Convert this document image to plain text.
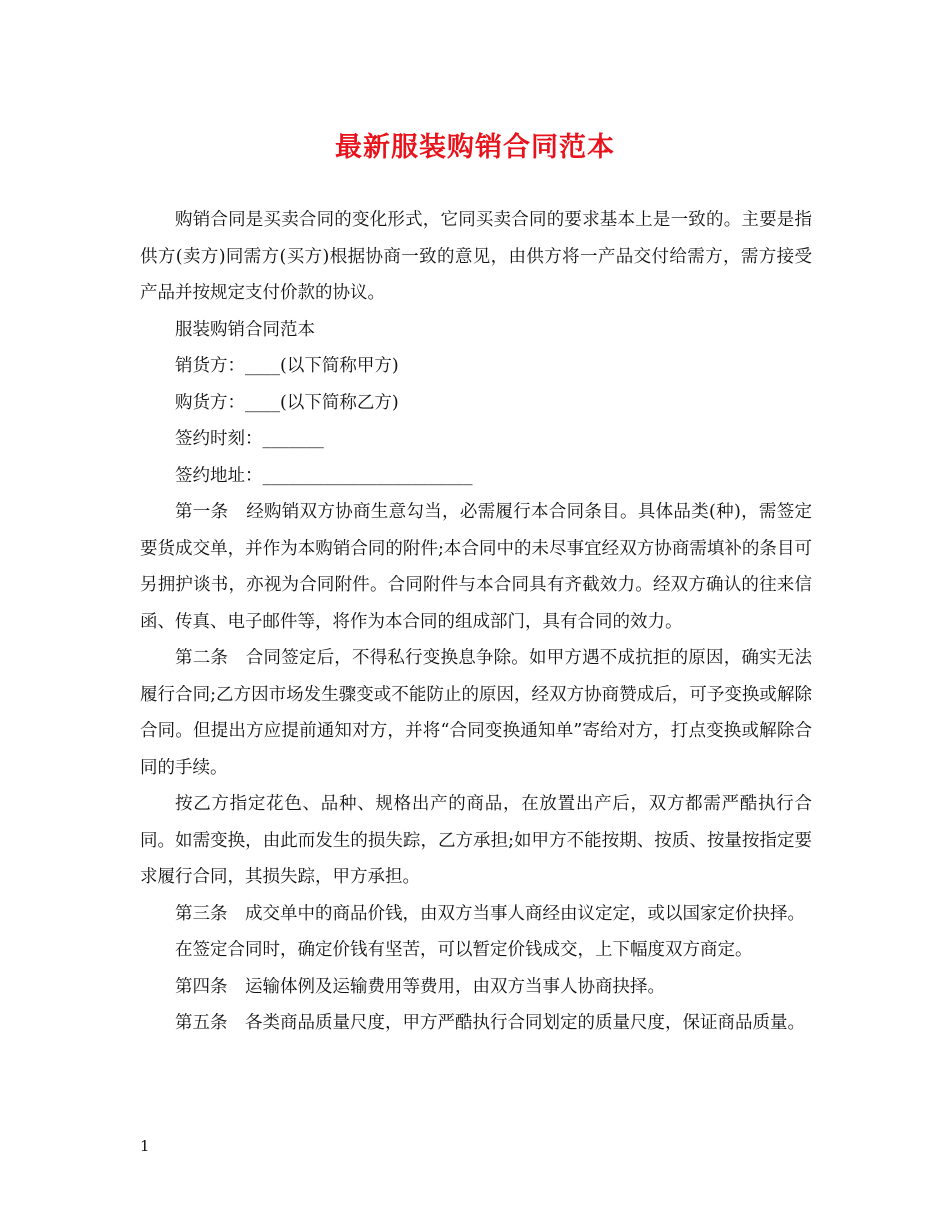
最新服装购销合同范本

购销合同是买卖合同的变化形式，它同买卖合同的要求基本上是一致的。主要是指供方(卖方)同需方(买方)根据协商一致的意见，由供方将一产品交付给需方，需方接受产品并按规定支付价款的协议。

服装购销合同范本

销货方：____(以下简称甲方)

购货方：____(以下简称乙方)

签约时刻：_______

签约地址：________________________

第一条　经购销双方协商生意勾当，必需履行本合同条目。具体品类(种)，需签定要货成交单，并作为本购销合同的附件;本合同中的未尽事宜经双方协商需填补的条目可另拥护谈书，亦视为合同附件。合同附件与本合同具有齐截效力。经双方确认的往来信函、传真、电子邮件等，将作为本合同的组成部门，具有合同的效力。

第二条　合同签定后，不得私行变换息争除。如甲方遇不成抗拒的原因，确实无法履行合同;乙方因市场发生骤变或不能防止的原因，经双方协商赞成后，可予变换或解除合同。但提出方应提前通知对方，并将“合同变换通知单”寄给对方，打点变换或解除合同的手续。

按乙方指定花色、品种、规格出产的商品，在放置出产后，双方都需严酷执行合同。如需变换，由此而发生的损失踪，乙方承担;如甲方不能按期、按质、按量按指定要求履行合同，其损失踪，甲方承担。

第三条　成交单中的商品价钱，由双方当事人商经由议定定，或以国家定价抉择。

在签定合同时，确定价钱有坚苦，可以暂定价钱成交，上下幅度双方商定。

第四条　运输体例及运输费用等费用，由双方当事人协商抉择。

第五条　各类商品质量尺度，甲方严酷执行合同划定的质量尺度，保证商品质量。

1
